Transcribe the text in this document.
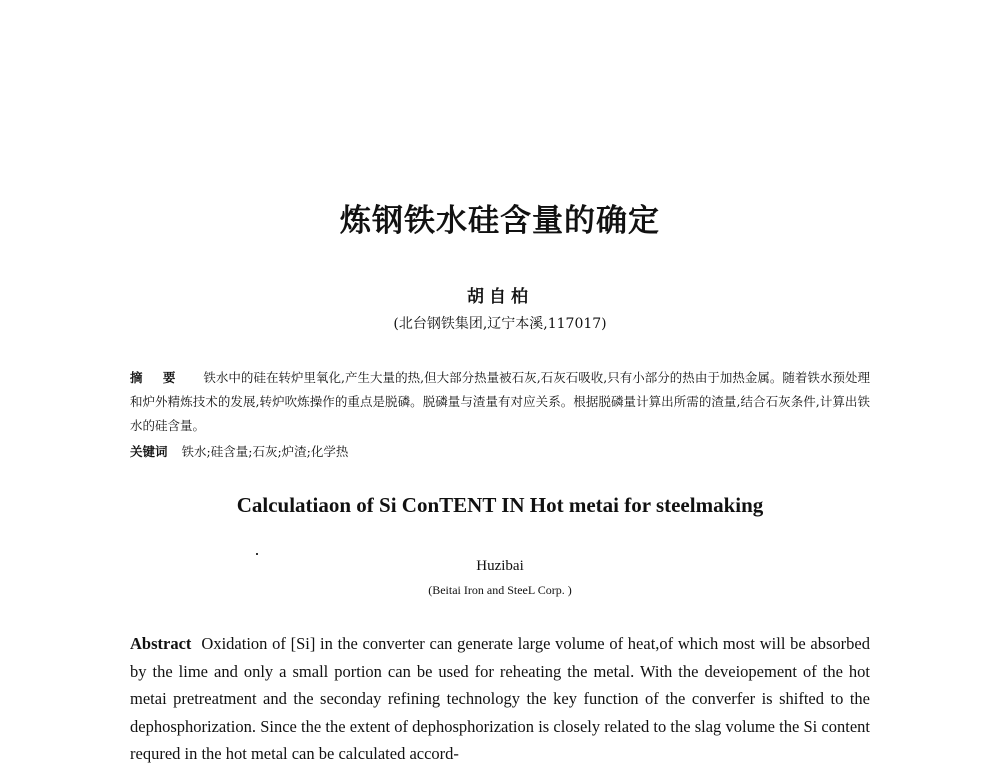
炼钢铁水硅含量的确定
胡自柏
(北台钢铁集团,辽宁本溪,117017)
摘 要 铁水中的硅在转炉里氧化,产生大量的热,但大部分热量被石灰,石灰石吸收,只有小部分的热由于加热金属。随着铁水预处理和炉外精炼技术的发展,转炉吹炼操作的重点是脱磷。脱磷量与渣量有对应关系。根据脱磷量计算出所需的渣量,结合石灰条件,计算出铁水的硅含量。
关键词 铁水;硅含量;石灰;炉渣;化学热
Calculatiaon of Si ConTENT IN Hot metai for steelmaking
Huzibai
(Beitai Iron and SteeL Corp. )
Abstract Oxidation of [Si] in the converter can generate large volume of heat,of which most will be absorbed by the lime and only a small portion can be used for reheating the metal. With the deveiopement of the hot metai pretreatment and the seconday refining technology the key function of the converfer is shifted to the dephosphorization. Since the the extent of dephosphorization is closely related to the slag volume the Si content requred in the hot metal can be calculated accord-
